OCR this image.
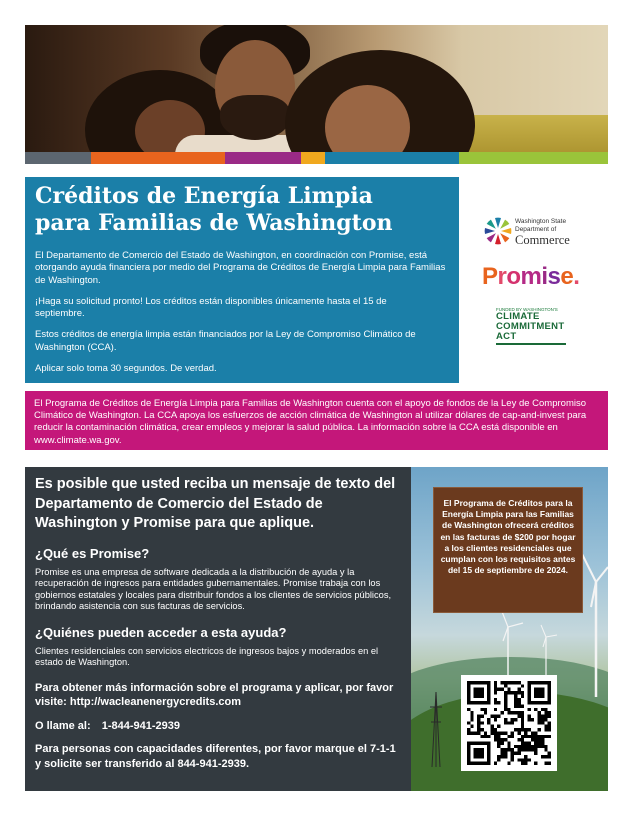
Créditos de Energía Limpia
para Familias de Washington

El Departamento de Comercio del Estado de Washington, en coordinación con Promise, está otorgando ayuda financiera por medio del Programa de Créditos de Energía Limpia para Familias de Washington.

¡Haga su solicitud pronto! Los créditos están disponibles únicamente hasta el 15 de septiembre.

Estos créditos de energía limpia están financiados por la Ley de Compromiso Climático de Washington (CCA).

Aplicar solo toma 30 segundos. De verdad.

Washington State
Department of
Commerce
Promise.
FUNDED BY WASHINGTON'S
CLIMATE
COMMITMENT
ACT
El Programa de Créditos de Energía Limpia para Familias de Washington cuenta con el apoyo de fondos de la Ley de Compromiso Climático de Washington. La CCA apoya los esfuerzos de acción climática de Washington al utilizar dólares de cap-and-invest para reducir la contaminación climática, crear empleos y mejorar la salud pública. La información sobre la CCA está disponible en www.climate.wa.gov.
Es posible que usted reciba un mensaje de texto del Departamento de Comercio del Estado de Washington y Promise para que aplique.
¿Qué es Promise?

Promise es una empresa de software dedicada a la distribución de ayuda y la recuperación de ingresos para entidades gubernamentales. Promise trabaja con los gobiernos estatales y locales para distribuir fondos a los clientes de servicios públicos, brindando asistencia con sus facturas de servicios.

¿Quiénes pueden acceder a esta ayuda?

Clientes residenciales con servicios electricos de ingresos bajos y moderados en el estado de Washington.

Para obtener más información sobre el programa y aplicar, por favor visite: http://wacleanenergycredits.com

O llame al: 1-844-941-2939

Para personas con capacidades diferentes, por favor marque el 7-1-1 y solicite ser transferido al 844-941-2939.

El Programa de Créditos para la Energía Limpia para las Familias de Washington ofrecerá créditos en las facturas de $200 por hogar a los clientes residenciales que cumplan con los requisitos antes del 15 de septiembre de 2024.
